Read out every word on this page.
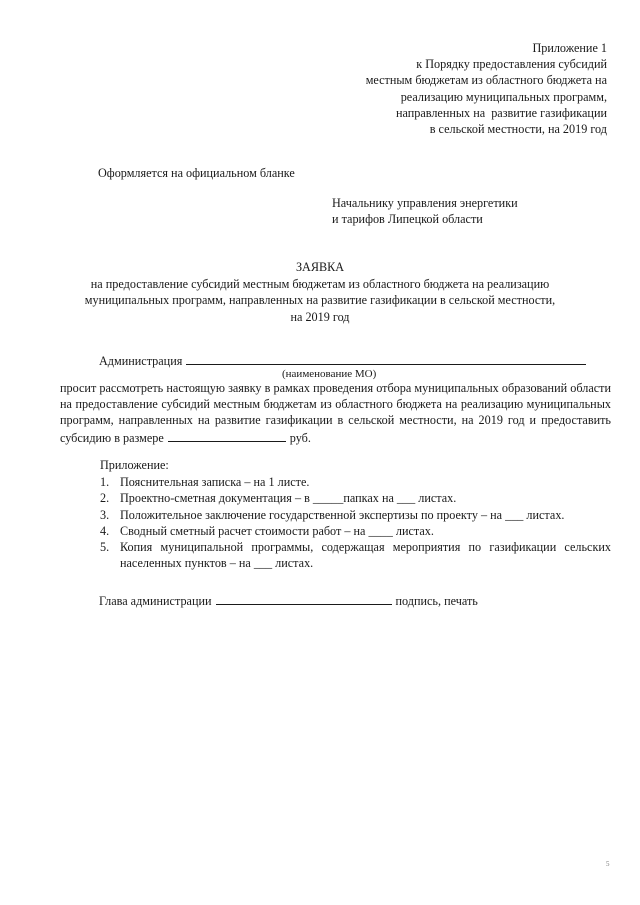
Приложение 1
к Порядку предоставления субсидий
местным бюджетам из областного бюджета на
реализацию муниципальных программ,
направленных на  развитие газификации
в сельской местности, на 2019 год
Оформляется на официальном бланке
Начальнику управления энергетики
и тарифов Липецкой области
ЗАЯВКА
на предоставление субсидий местным бюджетам из областного бюджета на реализацию
муниципальных программ, направленных на развитие газификации в сельской местности,
на 2019 год
Администрация
(наименование МО)
просит рассмотреть настоящую заявку в рамках проведения отбора муниципальных образований области на предоставление субсидий местным бюджетам из областного бюджета на реализацию муниципальных программ, направленных на развитие газификации в сельской местности, на 2019 год и предоставить субсидию в размере	руб.
Приложение:
1. Пояснительная записка – на 1 листе.
2. Проектно-сметная документация – в _____папках на ___ листах.
3. Положительное заключение государственной экспертизы по проекту – на ___ листах.
4. Сводный сметный расчет стоимости работ – на ____ листах.
5. Копия муниципальной программы, содержащая мероприятия по газификации сельских населенных пунктов – на ___ листах.
Глава администрации	подпись, печать
5
